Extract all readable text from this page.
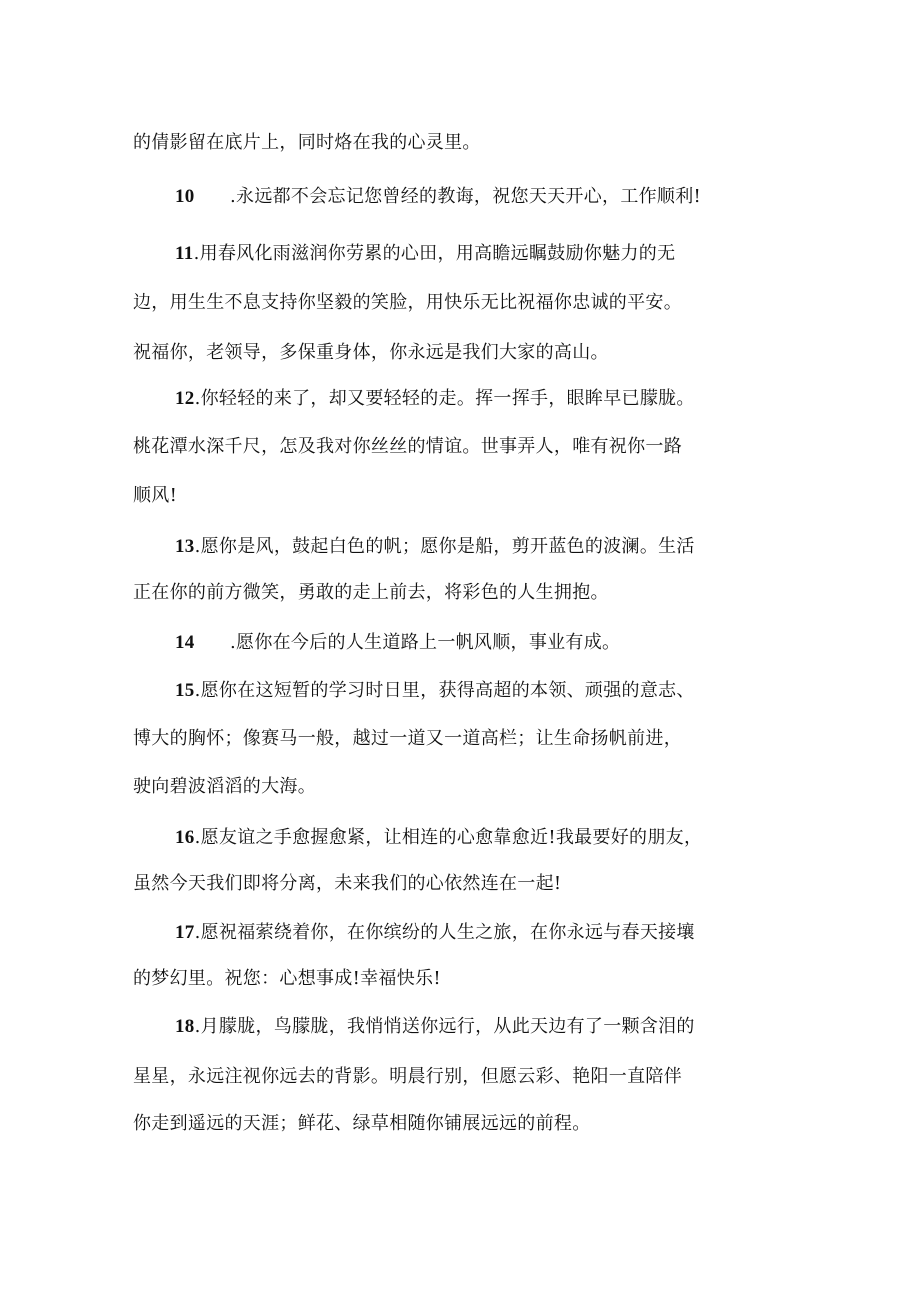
的倩影留在底片上，同时烙在我的心灵里。
10 .永远都不会忘记您曾经的教诲，祝您天天开心，工作顺利!
11.用春风化雨滋润你劳累的心田，用高瞻远瞩鼓励你魅力的无
边，用生生不息支持你坚毅的笑脸，用快乐无比祝福你忠诚的平安。
祝福你，老领导，多保重身体，你永远是我们大家的高山。
12.你轻轻的来了，却又要轻轻的走。挥一挥手，眼眸早已朦胧。
桃花潭水深千尺，怎及我对你丝丝的情谊。世事弄人，唯有祝你一路
顺风!
13.愿你是风，鼓起白色的帆；愿你是船，剪开蓝色的波澜。生活
正在你的前方微笑，勇敢的走上前去，将彩色的人生拥抱。
14 .愿你在今后的人生道路上一帆风顺，事业有成。
15.愿你在这短暂的学习时日里，获得高超的本领、顽强的意志、
博大的胸怀；像赛马一般，越过一道又一道高栏；让生命扬帆前进，
驶向碧波滔滔的大海。
16.愿友谊之手愈握愈紧，让相连的心愈靠愈近!我最要好的朋友，
虽然今天我们即将分离，未来我们的心依然连在一起!
17.愿祝福萦绕着你，在你缤纷的人生之旅，在你永远与春天接壤
的梦幻里。祝您：心想事成!幸福快乐!
18.月朦胧，鸟朦胧，我悄悄送你远行，从此天边有了一颗含泪的
星星，永远注视你远去的背影。明晨行别，但愿云彩、艳阳一直陪伴
你走到遥远的天涯；鲜花、绿草相随你铺展远远的前程。
